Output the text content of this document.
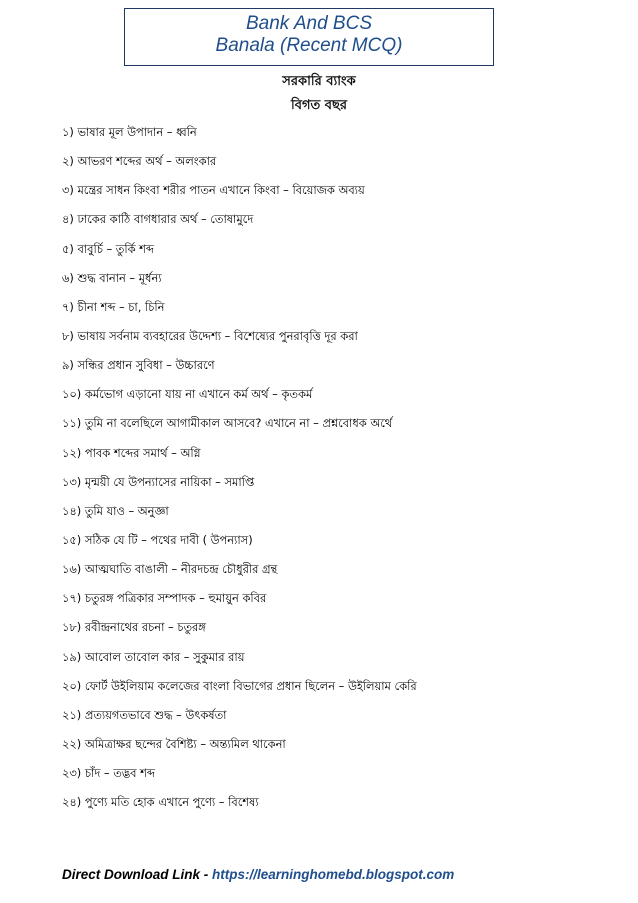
Bank And BCS
Banala (Recent MCQ)
সরকারি ব্যাংক
বিগত বছর
১) ভাষার মূল উপাদান – ধ্বনি
২) আভরণ শব্দের অর্থ – অলংকার
৩) মন্ত্রের সাধন কিংবা শরীর পাতন এখানে কিংবা – বিয়োজক অব্যয়
৪) ঢাকের কাঠি বাগধারার অর্থ – তোষামুদে
৫) বাবুর্চি – তুর্কি শব্দ
৬) শুদ্ধ বানান – মূর্ধন্য
৭) চীনা শব্দ – চা, চিনি
৮) ভাষায় সর্বনাম ব্যবহারের উদ্দেশ্য – বিশেষ্যের পুনরাবৃত্তি দূর করা
৯) সন্ধির প্রধান সুবিধা – উচ্চারণে
১০) কর্মভোগ এড়ানো যায় না এখানে কর্ম অর্থ – কৃতকর্ম
১১) তুমি না বলেছিলে আগামীকাল আসবে? এখানে না – প্রশ্নবোধক অর্থে
১২) পাবক শব্দের সমার্থ – অগ্নি
১৩) মৃন্ময়ী যে উপন্যাসের নায়িকা – সমাপ্তি
১৪) তুমি যাও – অনুজ্ঞা
১৫) সঠিক যে টি – পথের দাবী ( উপন্যাস)
১৬) আত্মঘাতি বাঙালী – নীরদচন্দ্র চৌধুরীর গ্রন্থ
১৭) চতুরঙ্গ পত্রিকার সম্পাদক – হুমায়ুন কবির
১৮) রবীন্দ্রনাথের রচনা – চতুরঙ্গ
১৯) আবোল তাবোল কার – সুকুমার রায়
২০) ফোর্ট উইলিয়াম কলেজের বাংলা বিভাগের প্রধান ছিলেন – উইলিয়াম কেরি
২১) প্রত্যয়গতভাবে শুদ্ধ – উৎকর্ষতা
২২) অমিত্রাক্ষর ছন্দের বৈশিষ্ট্য – অন্ত্যমিল থাকেনা
২৩) চাঁদ – তদ্ভব শব্দ
২৪) পুণ্যে মতি হোক এখানে পুণ্যে – বিশেষ্য
Direct Download Link - https://learninghomebd.blogspot.com
